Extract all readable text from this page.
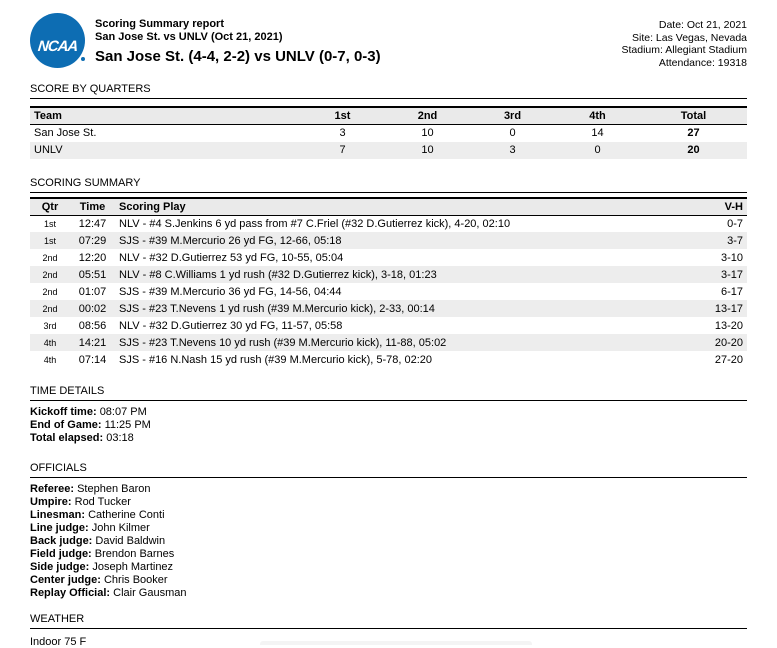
NCAA
Scoring Summary report
San Jose St. vs UNLV (Oct 21, 2021)
San Jose St. (4-4, 2-2) vs UNLV (0-7, 0-3)
Date: Oct 21, 2021
Site: Las Vegas, Nevada
Stadium: Allegiant Stadium
Attendance: 19318
SCORE BY QUARTERS
Team	1st	2nd	3rd	4th	Total
San Jose St.	3	10	0	14	27
UNLV	7	10	3	0	20
SCORING SUMMARY
Qtr	Time	Scoring Play	V-H
1st	12:47	NLV - #4 S.Jenkins 6 yd pass from #7 C.Friel (#32 D.Gutierrez kick), 4-20, 02:10	0-7
1st	07:29	SJS - #39 M.Mercurio 26 yd FG, 12-66, 05:18	3-7
2nd	12:20	NLV - #32 D.Gutierrez 53 yd FG, 10-55, 05:04	3-10
2nd	05:51	NLV - #8 C.Williams 1 yd rush (#32 D.Gutierrez kick), 3-18, 01:23	3-17
2nd	01:07	SJS - #39 M.Mercurio 36 yd FG, 14-56, 04:44	6-17
2nd	00:02	SJS - #23 T.Nevens 1 yd rush (#39 M.Mercurio kick), 2-33, 00:14	13-17
3rd	08:56	NLV - #32 D.Gutierrez 30 yd FG, 11-57, 05:58	13-20
4th	14:21	SJS - #23 T.Nevens 10 yd rush (#39 M.Mercurio kick), 11-88, 05:02	20-20
4th	07:14	SJS - #16 N.Nash 15 yd rush (#39 M.Mercurio kick), 5-78, 02:20	27-20
TIME DETAILS
Kickoff time: 08:07 PM
End of Game: 11:25 PM
Total elapsed: 03:18
OFFICIALS
Referee: Stephen Baron
Umpire: Rod Tucker
Linesman: Catherine Conti
Line judge: John Kilmer
Back judge: David Baldwin
Field judge: Brendon Barnes
Side judge: Joseph Martinez
Center judge: Chris Booker
Replay Official: Clair Gausman
WEATHER
Indoor 75 F
